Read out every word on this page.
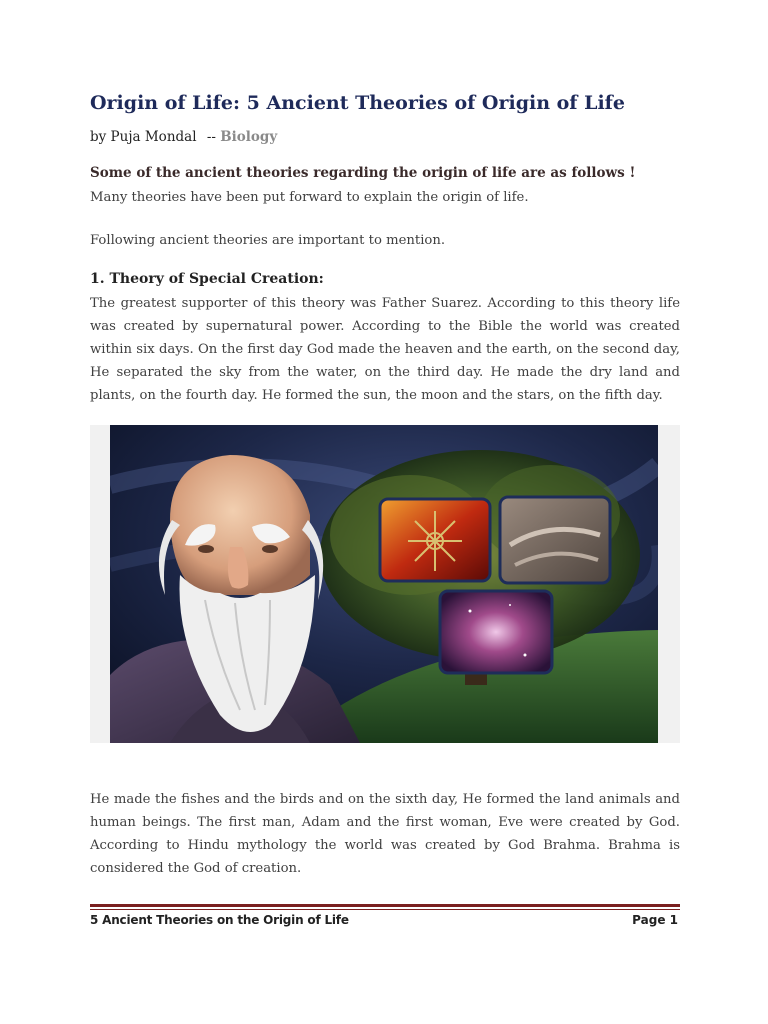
Origin of Life: 5 Ancient Theories of Origin of Life
by Puja Mondal -- Biology
Some of the ancient theories regarding the origin of life are as follows !

Many theories have been put forward to explain the origin of life.

Following ancient theories are important to mention.

1. Theory of Special Creation:

The greatest supporter of this theory was Father Suarez. According to this theory life was created by supernatural power. According to the Bible the world was created within six days. On the first day God made the heaven and the earth, on the second day, He separated the sky from the water, on the third day. He made the dry land and plants, on the fourth day. He formed the sun, the moon and the stars, on the fifth day.

He made the fishes and the birds and on the sixth day, He formed the land animals and human beings. The first man, Adam and the first woman, Eve were created by God. According to Hindu mythology the world was created by God Brahma. Brahma is considered the God of creation.

5 Ancient Theories on the Origin of Life	Page 1
